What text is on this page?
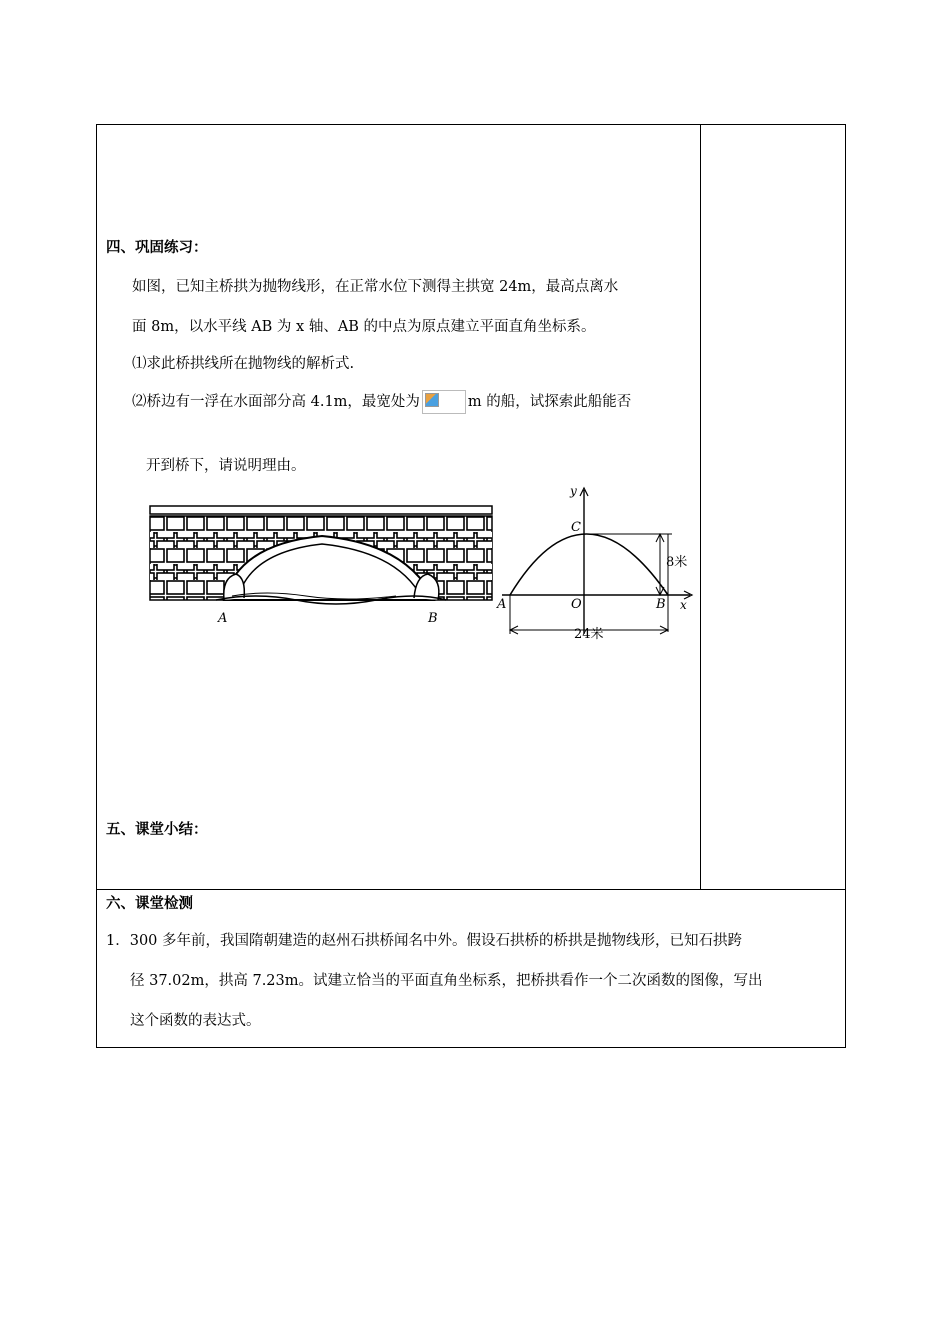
四、巩固练习：
如图，已知主桥拱为抛物线形，在正常水位下测得主拱宽 24m，最高点离水
面 8m，以水平线 AB 为 x 轴、AB 的中点为原点建立平面直角坐标系。
⑴求此桥拱线所在抛物线的解析式.
⑵桥边有一浮在水面部分高 4.1m，最宽处为	m 的船，试探索此船能否
开到桥下，请说明理由。
A	B
y
x
C
O
A	B
8米
24米
五、课堂小结：
六、课堂检测
1．300 多年前，我国隋朝建造的赵州石拱桥闻名中外。假设石拱桥的桥拱是抛物线形，已知石拱跨
径 37.02m，拱高 7.23m。试建立恰当的平面直角坐标系，把桥拱看作一个二次函数的图像，写出
这个函数的表达式。
